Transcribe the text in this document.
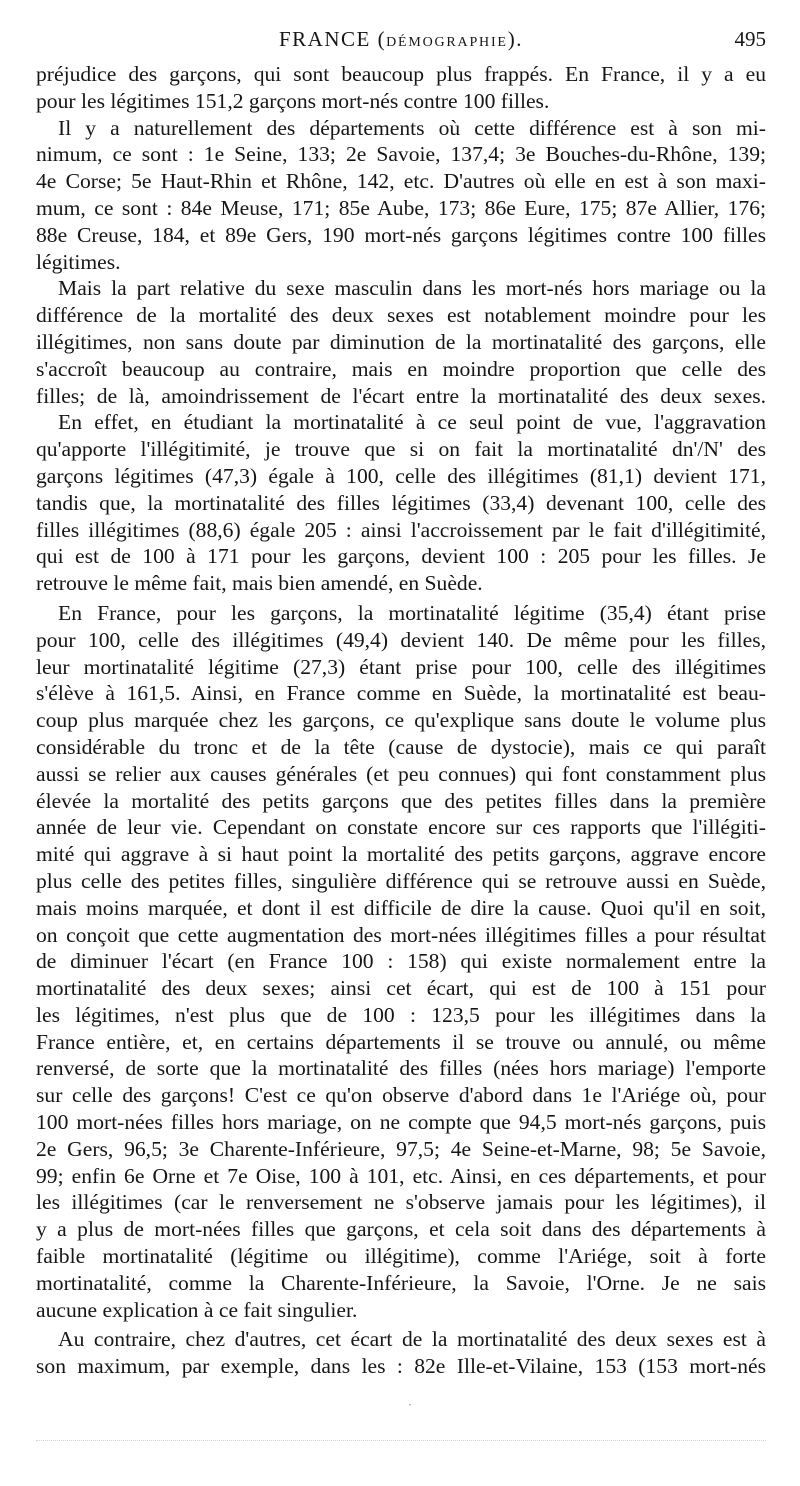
FRANCE (DÉMOGRAPHIE).	495
préjudice des garçons, qui sont beaucoup plus frappés. En France, il y a eu
pour les légitimes 151,2 garçons mort-nés contre 100 filles.
Il y a naturellement des départements où cette différence est à son mi-
nimum, ce sont : 1e Seine, 133; 2e Savoie, 137,4; 3e Bouches-du-Rhône, 139;
4e Corse; 5e Haut-Rhin et Rhône, 142, etc. D'autres où elle en est à son maxi-
mum, ce sont : 84e Meuse, 171; 85e Aube, 173; 86e Eure, 175; 87e Allier, 176;
88e Creuse, 184, et 89e Gers, 190 mort-nés garçons légitimes contre 100 filles
légitimes.
Mais la part relative du sexe masculin dans les mort-nés hors mariage ou la
différence de la mortalité des deux sexes est notablement moindre pour les
illégitimes, non sans doute par diminution de la mortinatalité des garçons, elle
s'accroît beaucoup au contraire, mais en moindre proportion que celle des
filles; de là, amoindrissement de l'écart entre la mortinatalité des deux sexes.
En effet, en étudiant la mortinatalité à ce seul point de vue, l'aggravation
qu'apporte l'illégitimité, je trouve que si on fait la mortinatalité dn'/N' des
garçons légitimes (47,3) égale à 100, celle des illégitimes (81,1) devient 171,
tandis que, la mortinatalité des filles légitimes (33,4) devenant 100, celle des
filles illégitimes (88,6) égale 205 : ainsi l'accroissement par le fait d'illégitimité,
qui est de 100 à 171 pour les garçons, devient 100 : 205 pour les filles. Je
retrouve le même fait, mais bien amendé, en Suède.
En France, pour les garçons, la mortinatalité légitime (35,4) étant prise
pour 100, celle des illégitimes (49,4) devient 140. De même pour les filles,
leur mortinatalité légitime (27,3) étant prise pour 100, celle des illégitimes
s'élève à 161,5. Ainsi, en France comme en Suède, la mortinatalité est beau-
coup plus marquée chez les garçons, ce qu'explique sans doute le volume plus
considérable du tronc et de la tête (cause de dystocie), mais ce qui paraît
aussi se relier aux causes générales (et peu connues) qui font constamment plus
élevée la mortalité des petits garçons que des petites filles dans la première
année de leur vie. Cependant on constate encore sur ces rapports que l'illégiti-
mité qui aggrave à si haut point la mortalité des petits garçons, aggrave encore
plus celle des petites filles, singulière différence qui se retrouve aussi en Suède,
mais moins marquée, et dont il est difficile de dire la cause. Quoi qu'il en soit,
on conçoit que cette augmentation des mort-nées illégitimes filles a pour résultat
de diminuer l'écart (en France 100 : 158) qui existe normalement entre la
mortinatalité des deux sexes; ainsi cet écart, qui est de 100 à 151 pour
les légitimes, n'est plus que de 100 : 123,5 pour les illégitimes dans la
France entière, et, en certains départements il se trouve ou annulé, ou même
renversé, de sorte que la mortinatalité des filles (nées hors mariage) l'emporte
sur celle des garçons! C'est ce qu'on observe d'abord dans 1e l'Ariége où, pour
100 mort-nées filles hors mariage, on ne compte que 94,5 mort-nés garçons, puis
2e Gers, 96,5; 3e Charente-Inférieure, 97,5; 4e Seine-et-Marne, 98; 5e Savoie,
99; enfin 6e Orne et 7e Oise, 100 à 101, etc. Ainsi, en ces départements, et pour
les illégitimes (car le renversement ne s'observe jamais pour les légitimes), il
y a plus de mort-nées filles que garçons, et cela soit dans des départements à
faible mortinatalité (légitime ou illégitime), comme l'Ariége, soit à forte
mortinatalité, comme la Charente-Inférieure, la Savoie, l'Orne. Je ne sais
aucune explication à ce fait singulier.
Au contraire, chez d'autres, cet écart de la mortinatalité des deux sexes est à
son maximum, par exemple, dans les : 82e Ille-et-Vilaine, 153 (153 mort-nés
·
